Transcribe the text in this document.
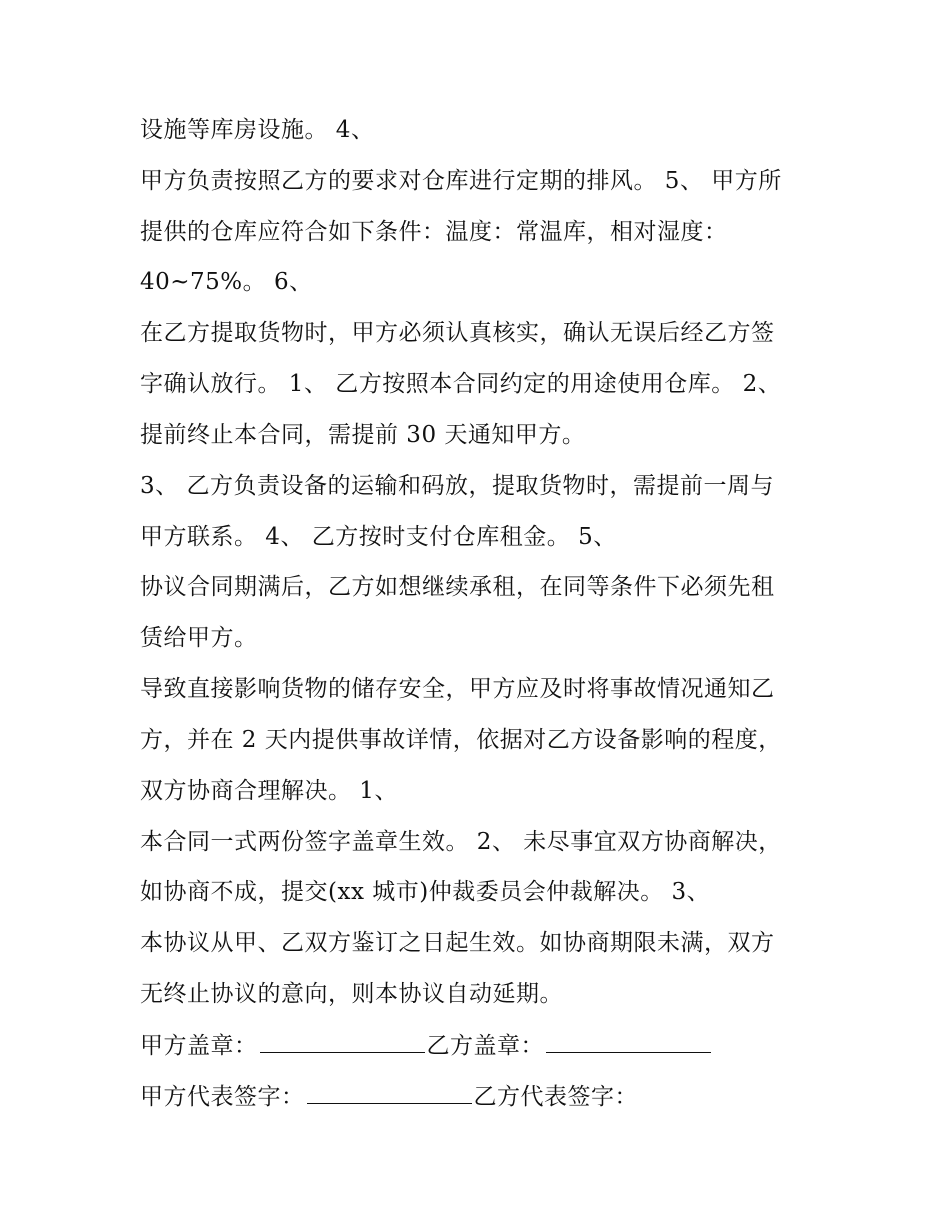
设施等库房设施。 4、

甲方负责按照乙方的要求对仓库进行定期的排风。 5、 甲方所

提供的仓库应符合如下条件：温度：常温库，相对湿度：

40~75%。 6、

在乙方提取货物时，甲方必须认真核实，确认无误后经乙方签

字确认放行。 1、 乙方按照本合同约定的用途使用仓库。 2、

提前终止本合同，需提前 30 天通知甲方。

3、 乙方负责设备的运输和码放，提取货物时，需提前一周与

甲方联系。 4、 乙方按时支付仓库租金。 5、

协议合同期满后，乙方如想继续承租，在同等条件下必须先租

赁给甲方。

导致直接影响货物的储存安全，甲方应及时将事故情况通知乙

方，并在 2 天内提供事故详情，依据对乙方设备影响的程度，

双方协商合理解决。 1、

本合同一式两份签字盖章生效。 2、 未尽事宜双方协商解决，

如协商不成，提交(xx 城市)仲裁委员会仲裁解决。 3、

本协议从甲、乙双方鉴订之日起生效。如协商期限未满，双方

无终止协议的意向，则本协议自动延期。

甲方盖章：	乙方盖章：

甲方代表签字：	乙方代表签字：
